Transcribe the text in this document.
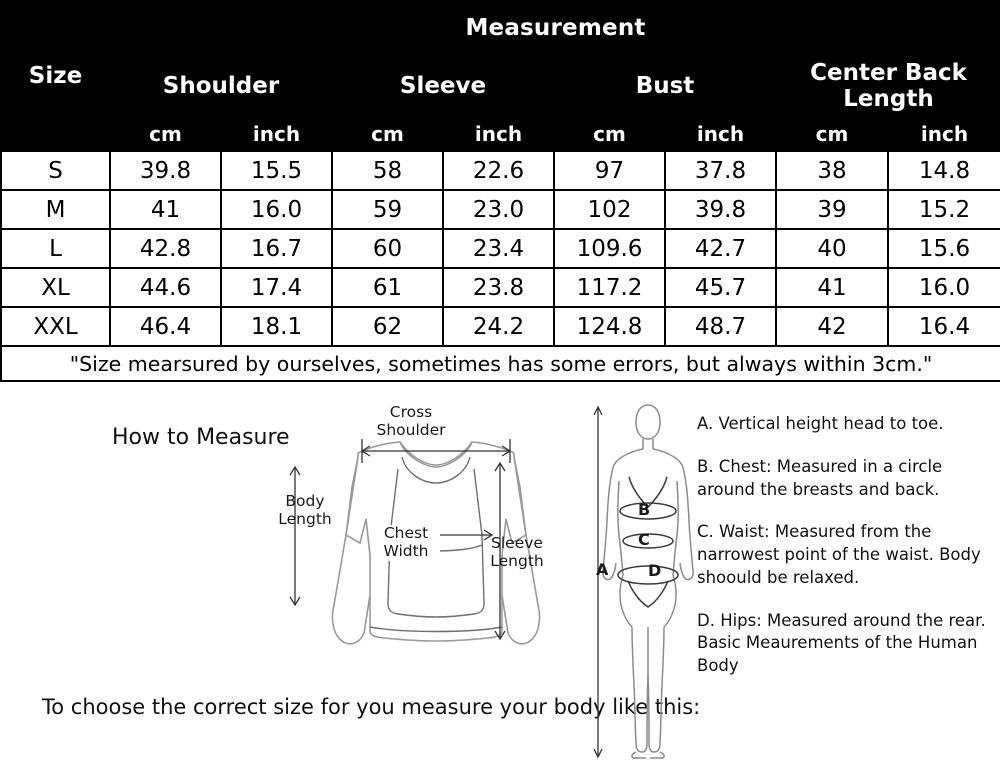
Size	Measurement							
	Shoulder		Sleeve		Bust		Center Back Length	
	cm	inch	cm	inch	cm	inch	cm	inch
S	39.8	15.5	58	22.6	97	37.8	38	14.8
M	41	16.0	59	23.0	102	39.8	39	15.2
L	42.8	16.7	60	23.4	109.6	42.7	40	15.6
XL	44.6	17.4	61	23.8	117.2	45.7	41	16.0
XXL	46.4	18.1	62	24.2	124.8	48.7	42	16.4
"Size mearsured by ourselves, sometimes has some errors, but always within 3cm."								
How to Measure
To choose the correct size for you measure your body like this:
Cross
Shoulder
Body
Length
Chest
Width	Sleeve
Length	A
B
C
D

A. Vertical height head to toe.

B. Chest: Measured in a circle around the breasts and back.

C. Waist: Measured from the narrowest point of the waist. Body shoould be relaxed.

D. Hips: Measured around the rear. Basic Meaurements of the Human Body
